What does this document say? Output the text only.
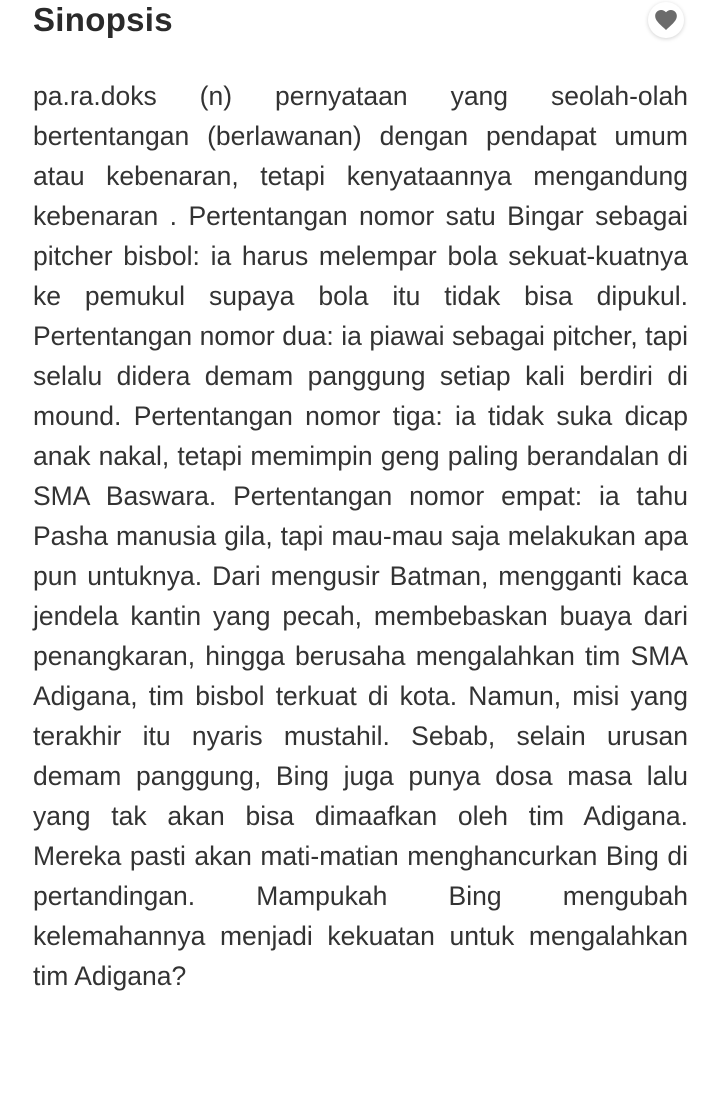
Sinopsis

pa.ra.doks (n) pernyataan yang seolah-olah bertentangan (berlawanan) dengan pendapat umum atau kebenaran, tetapi kenyataannya mengandung kebenaran . Pertentangan nomor satu Bingar sebagai pitcher bisbol: ia harus melempar bola sekuat-kuatnya ke pemukul supaya bola itu tidak bisa dipukul. Pertentangan nomor dua: ia piawai sebagai pitcher, tapi selalu didera demam panggung setiap kali berdiri di mound. Pertentangan nomor tiga: ia tidak suka dicap anak nakal, tetapi memimpin geng paling berandalan di SMA Baswara. Pertentangan nomor empat: ia tahu Pasha manusia gila, tapi mau-mau saja melakukan apa pun untuknya. Dari mengusir Batman, mengganti kaca jendela kantin yang pecah, membebaskan buaya dari penangkaran, hingga berusaha mengalahkan tim SMA Adigana, tim bisbol terkuat di kota. Namun, misi yang terakhir itu nyaris mustahil. Sebab, selain urusan demam panggung, Bing juga punya dosa masa lalu yang tak akan bisa dimaafkan oleh tim Adigana. Mereka pasti akan mati-matian menghancurkan Bing di pertandingan. Mampukah Bing mengubah kelemahannya menjadi kekuatan untuk mengalahkan tim Adigana?
